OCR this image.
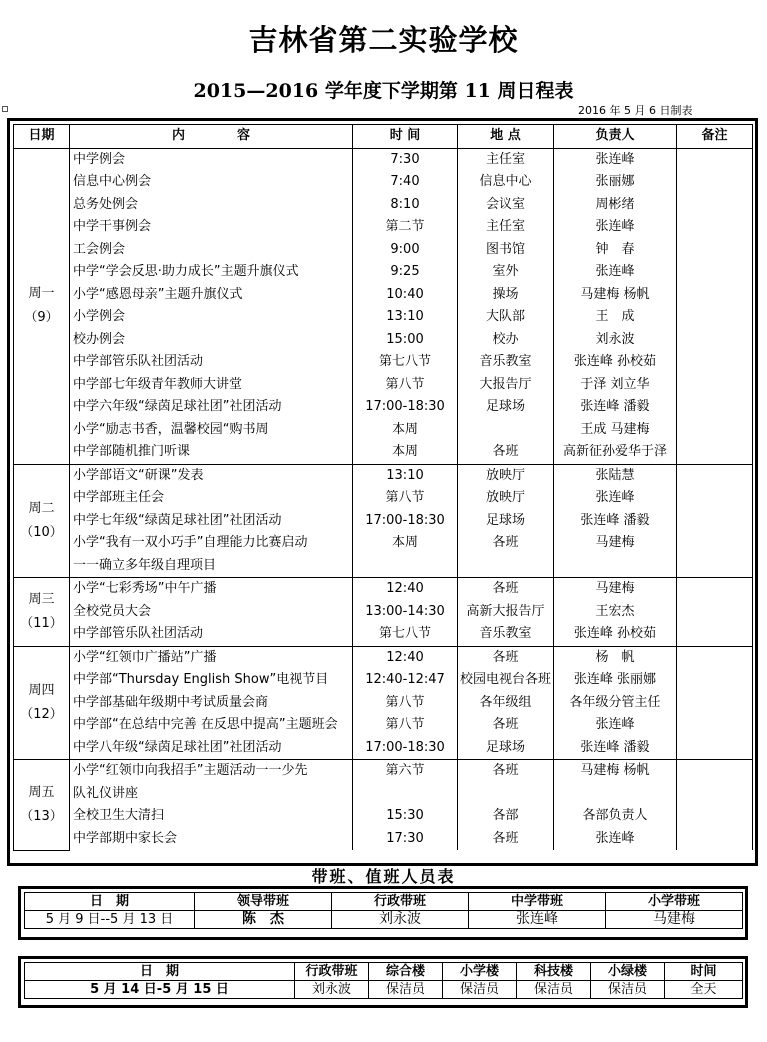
吉林省第二实验学校
2015—2016 学年度下学期第 11 周日程表
2016 年 5 月 6 日制表
日期	内　　　　容	时 间	地 点	负责人	备注

周一
（9）	中学例会	7:30	主任室	张连峰	
	信息中心例会	7:40	信息中心	张丽娜	
	总务处例会	8:10	会议室	周彬绪	
	中学干事例会	第二节	主任室	张连峰	
	工会例会	9:00	图书馆	钟　春	
	中学“学会反思·助力成长”主题升旗仪式	9:25	室外	张连峰	
	小学“感恩母亲”主题升旗仪式	10:40	操场	马建梅 杨帆	
	小学例会	13:10	大队部	王　成	
	校办例会	15:00	校办	刘永波	
	中学部管乐队社团活动	第七八节	音乐教室	张连峰 孙校茹	
	中学部七年级青年教师大讲堂	第八节	大报告厅	于泽 刘立华	
	中学六年级“绿茵足球社团”社团活动	17:00-18:30	足球场	张连峰 潘毅	
	小学“励志书香，温馨校园“购书周	本周		王成 马建梅	
	中学部随机推门听课	本周	各班	高新征孙爱华于泽	

周二
（10）	小学部语文“研课”发表	13:10	放映厅	张陆慧	
	中学部班主任会	第八节	放映厅	张连峰	
	中学七年级“绿茵足球社团”社团活动	17:00-18:30	足球场	张连峰 潘毅	
	小学“我有一双小巧手”自理能力比赛启动	本周	各班	马建梅	
	一一确立多年级自理项目				

周三
（11）	小学“七彩秀场”中午广播	12:40	各班	马建梅	
	全校党员大会	13:00-14:30	高新大报告厅	王宏杰	
	中学部管乐队社团活动	第七八节	音乐教室	张连峰 孙校茹	

周四
（12）	小学“红领巾广播站”广播	12:40	各班	杨　帆	
	中学部“Thursday English Show”电视节目	12:40-12:47	校园电视台各班	张连峰 张丽娜	
	中学部基础年级期中考试质量会商	第八节	各年级组	各年级分管主任	
	中学部“在总结中完善 在反思中提高”主题班会	第八节	各班	张连峰	
	中学八年级“绿茵足球社团”社团活动	17:00-18:30	足球场	张连峰 潘毅	

周五
（13）	小学“红领巾向我招手”主题活动一一少先	第六节	各班	马建梅 杨帆	
	队礼仪讲座				
	全校卫生大清扫	15:30	各部	各部负责人	
	中学部期中家长会	17:30	各班	张连峰	
带班、值班人员表
日　期	领导带班	行政带班	中学带班	小学带班
5 月 9 日--5 月 13 日	陈　杰	刘永波	张连峰	马建梅
日　期	行政带班	综合楼	小学楼	科技楼	小绿楼	时间
5 月 14 日-5 月 15 日	刘永波	保洁员	保洁员	保洁员	保洁员	全天
